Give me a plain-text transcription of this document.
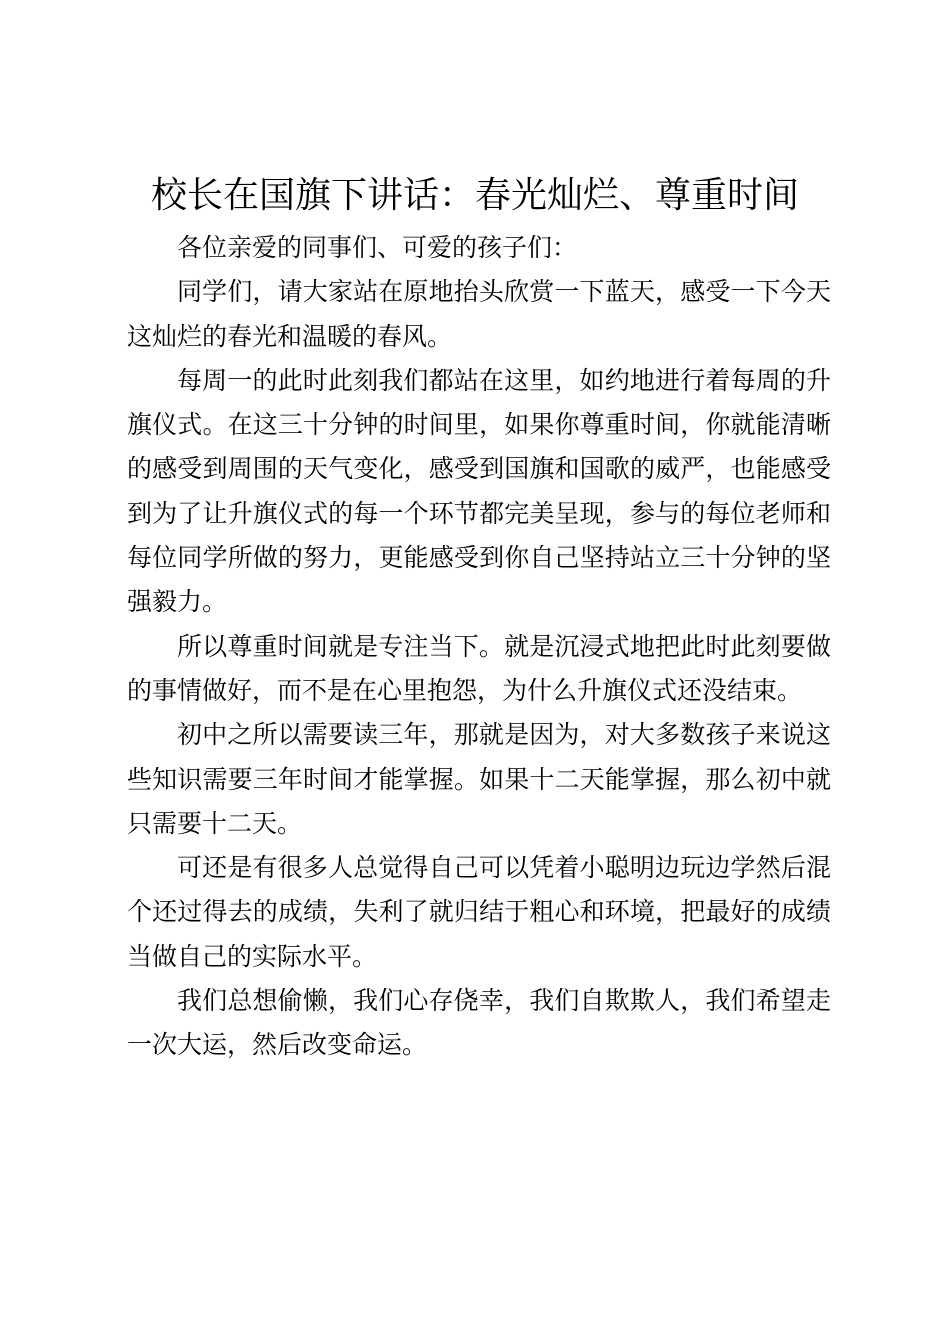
校长在国旗下讲话：春光灿烂、尊重时间

各位亲爱的同事们、可爱的孩子们：

同学们，请大家站在原地抬头欣赏一下蓝天，感受一下今天这灿烂的春光和温暖的春风。

每周一的此时此刻我们都站在这里，如约地进行着每周的升旗仪式。在这三十分钟的时间里，如果你尊重时间，你就能清晰的感受到周围的天气变化，感受到国旗和国歌的威严，也能感受到为了让升旗仪式的每一个环节都完美呈现，参与的每位老师和每位同学所做的努力，更能感受到你自己坚持站立三十分钟的坚强毅力。

所以尊重时间就是专注当下。就是沉浸式地把此时此刻要做的事情做好，而不是在心里抱怨，为什么升旗仪式还没结束。

初中之所以需要读三年，那就是因为，对大多数孩子来说这些知识需要三年时间才能掌握。如果十二天能掌握，那么初中就只需要十二天。

可还是有很多人总觉得自己可以凭着小聪明边玩边学然后混个还过得去的成绩，失利了就归结于粗心和环境，把最好的成绩当做自己的实际水平。

我们总想偷懒，我们心存侥幸，我们自欺欺人，我们希望走一次大运，然后改变命运。
